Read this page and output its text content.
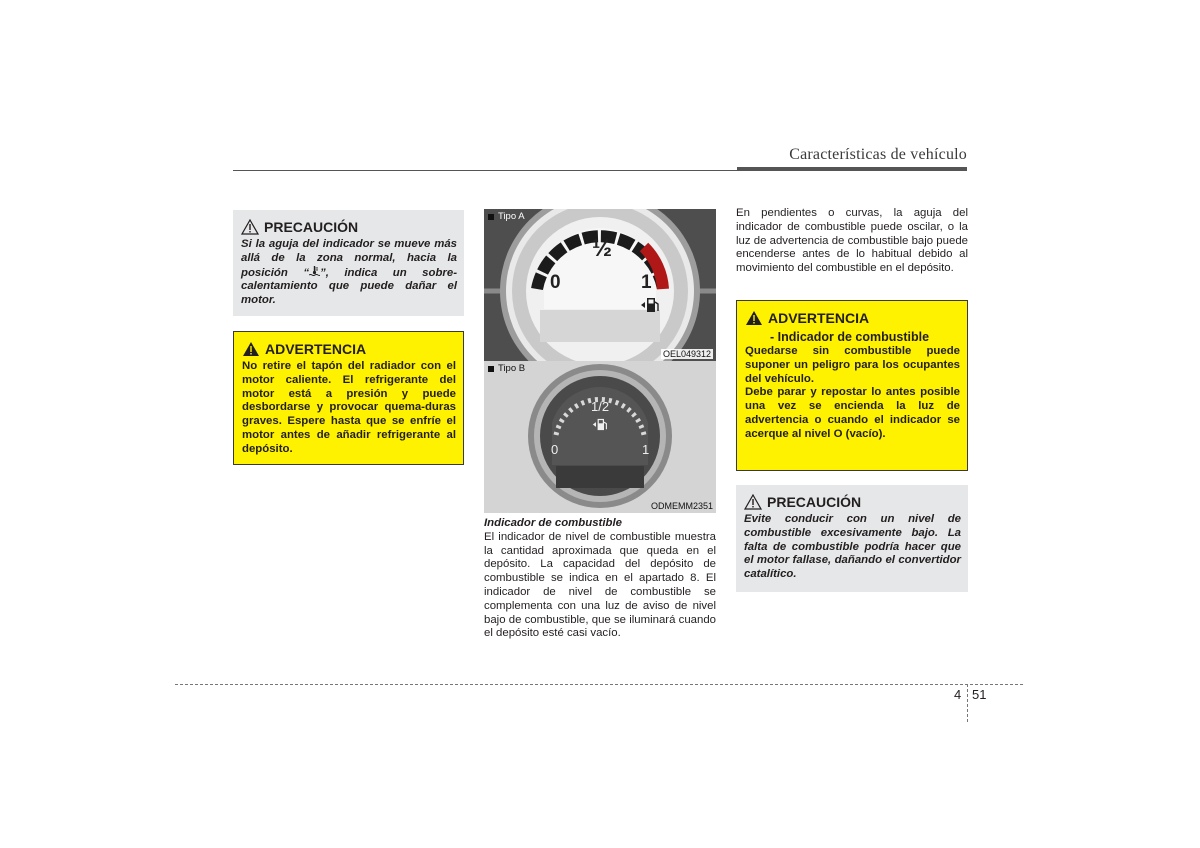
Características de vehículo
PRECAUCIÓN
Si la aguja del indicador se mueve más allá de la zona normal, hacia la posición “ ”, indica un sobre-calentamiento que puede dañar el motor.
ADVERTENCIA
No retire el tapón del radiador con el motor caliente. El refrigerante del motor está a presión y puede desbordarse y provocar quema-duras graves. Espere hasta que se enfríe el motor antes de añadir refrigerante al depósito.
Tipo A
0
½
1
OEL049312
Tipo B
0
1/2
1
ODMEMM2351
Indicador de combustible
El indicador de nivel de combustible muestra la cantidad aproximada que queda en el depósito. La capacidad del depósito de combustible se indica en el apartado 8. El indicador de nivel de combustible se complementa con una luz de aviso de nivel bajo de combustible, que se iluminará cuando el depósito esté casi vacío.
En pendientes o curvas, la aguja del indicador de combustible puede oscilar, o la luz de advertencia de combustible bajo puede encenderse antes de lo habitual debido al movimiento del combustible en el depósito.
ADVERTENCIA
- Indicador de combustible
Quedarse sin combustible puede suponer un peligro para los ocupantes del vehículo.
Debe parar y repostar lo antes posible una vez se encienda la luz de advertencia o cuando el indicador se acerque al nivel O (vacío).
PRECAUCIÓN
Evite conducir con un nivel de combustible excesivamente bajo. La falta de combustible podría hacer que el motor fallase, dañando el convertidor catalítico.
4 51
